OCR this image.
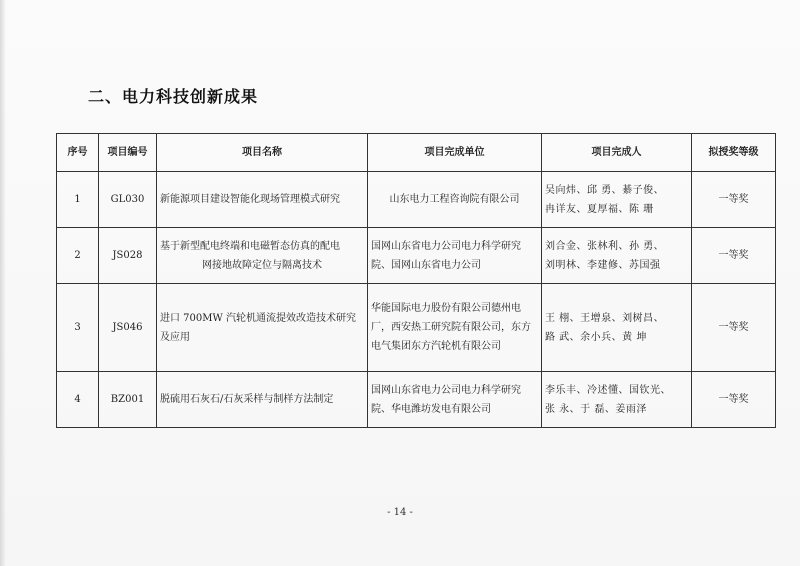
二、电力科技创新成果
序号	项目编号	项目名称	项目完成单位	项目完成人	拟授奖等级
1	GL030	新能源项目建设智能化现场管理模式研究	山东电力工程咨询院有限公司	吴向炜、邱 勇、綦子俊、
冉详友、夏厚福、陈 珊	一等奖
2	JS028	基于新型配电终端和电磁暂态仿真的配电
网接地故障定位与隔离技术	国网山东省电力公司电力科学研究
院、国网山东省电力公司	刘合金、张林利、孙 勇、
刘明林、李建修、苏国强	一等奖
3	JS046	进口 700MW 汽轮机通流提效改造技术研究
及应用	华能国际电力股份有限公司德州电
厂，西安热工研究院有限公司，东方
电气集团东方汽轮机有限公司	王 栩、王增泉、刘树昌、
路 武、余小兵、黄 坤	一等奖
4	BZ001	脱硫用石灰石/石灰采样与制样方法制定	国网山东省电力公司电力科学研究
院、华电潍坊发电有限公司	李乐丰、冷述懂、国钦光、
张 永、于 磊、姜雨泽	一等奖
- 14 -
